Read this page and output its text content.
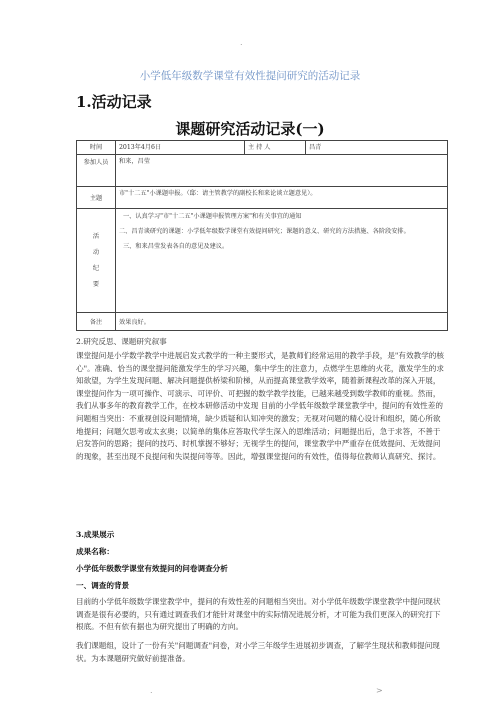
.
.	>
小学低年级数学课堂有效性提问研究的活动记录
1.活动记录
课题研究活动记录(一)
时间	2013年4月6日	主 持 人	昌青
参加人员	和来，昌莹		
主题	市"十二五"小课题申报。（邸：请主管教学的副校长和来论谈立题意见）。		
活动纪要	一、认真学习"市"十二五"小课题申报管理方案"和有关事宜的通知

二、昌青谈研究的课题：小学低年级数学课堂有效提问研究；课题的意义、研究的方法措施、各阶段安排。

三、和来昌莹发表各自的意见及建议。		

备注	效果良好。		
2.研究反思、课题研究叙事
课堂提问是小学数学教学中进展启发式教学的一种主要形式，是教师们经常运用的教学手段，是"有效教学的核心"。准确、恰当的课堂提问能激发学生的学习兴趣，集中学生的注意力，点燃学生思维的火花，激发学生的求知欲望，为学生发现问题、解决问题提供桥梁和阶梯，从而提高课堂教学效率，随着新课程改革的深入开展，课堂提问作为一项可操作、可演示、可评价、可把握的数学教学技能，已越来越受到数学教师的重视。然而，我们从事多年的教育教学工作，在校本研修活动中发现 目前的小学低年级数学课堂教学中，提问的有效性差的问题相当突出：不重视创设问题情境，缺少质疑和认知冲突的激发；无视对问题的精心设计和组织，随心所欲地提问；问题欠思考或太玄奥；以简单的集体应答取代学生深入的思维活动；问题提出后，急于求答，不善于启发答问的思路；提问的技巧、时机掌握不够好；无视学生的提问，课堂教学中严重存在低效提问、无效提问的现象，甚至出现不良提问和失误提问等等。因此，增强课堂提问的有效性，值得每位教师认真研究、探讨。
3.成果展示
成果名称：
小学低年级数学课堂有效提问的问卷调查分析
一、调查的背景
目前的小学低年级数学课堂教学中，提问的有效性差的问题相当突出。对小学低年级数学课堂教学中提问现状调查是很有必要的，只有通过调查我们才能针对课堂中的实际情况进展分析，才可能为我们更深入的研究打下根底。不但有依有据也为研究提出了明确的方向。
我们课题组，设计了一份有关"问题调查"问卷，对小学三年级学生进展初步调查，了解学生现状和教师提问现状。为本课题研究做好前提准备。
